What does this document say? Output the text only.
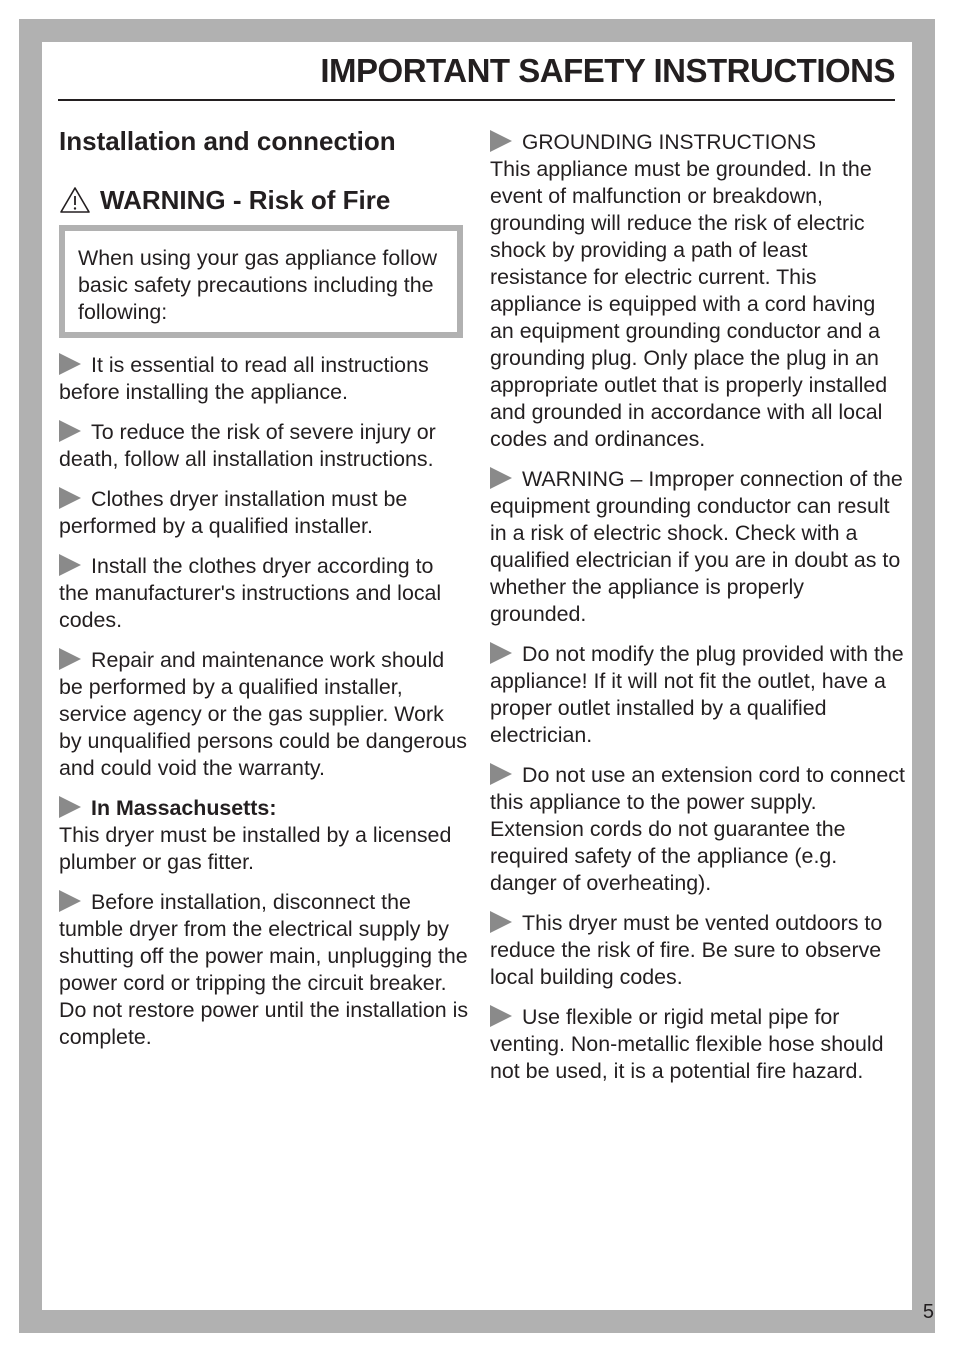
IMPORTANT SAFETY INSTRUCTIONS
Installation and connection
WARNING - Risk of Fire

When using your gas appliance follow basic safety precautions including the following:

It is essential to read all instructions before installing the appliance.

To reduce the risk of severe injury or death, follow all installation instructions.

Clothes dryer installation must be performed by a qualified installer.

Install the clothes dryer according to the manufacturer's instructions and local codes.

Repair and maintenance work should be performed by a qualified installer, service agency or the gas supplier. Work by unqualified persons could be dangerous and could void the warranty.

In Massachusetts:
This dryer must be installed by a licensed plumber or gas fitter.

Before installation, disconnect the tumble dryer from the electrical supply by shutting off the power main, unplugging the power cord or tripping the circuit breaker. Do not restore power until the installation is complete.

GROUNDING INSTRUCTIONS
This appliance must be grounded. In the event of malfunction or breakdown, grounding will reduce the risk of electric shock by providing a path of least resistance for electric current. This appliance is equipped with a cord having an equipment grounding conductor and a grounding plug. Only place the plug in an appropriate outlet that is properly installed and grounded in accordance with all local codes and ordinances.

WARNING – Improper connection of the equipment grounding conductor can result in a risk of electric shock. Check with a qualified electrician if you are in doubt as to whether the appliance is properly grounded.

Do not modify the plug provided with the appliance! If it will not fit the outlet, have a proper outlet installed by a qualified electrician.

Do not use an extension cord to connect this appliance to the power supply. Extension cords do not guarantee the required safety of the appliance (e.g. danger of overheating).

This dryer must be vented outdoors to reduce the risk of fire. Be sure to observe local building codes.

Use flexible or rigid metal pipe for venting. Non-metallic flexible hose should not be used, it is a potential fire hazard.

5
